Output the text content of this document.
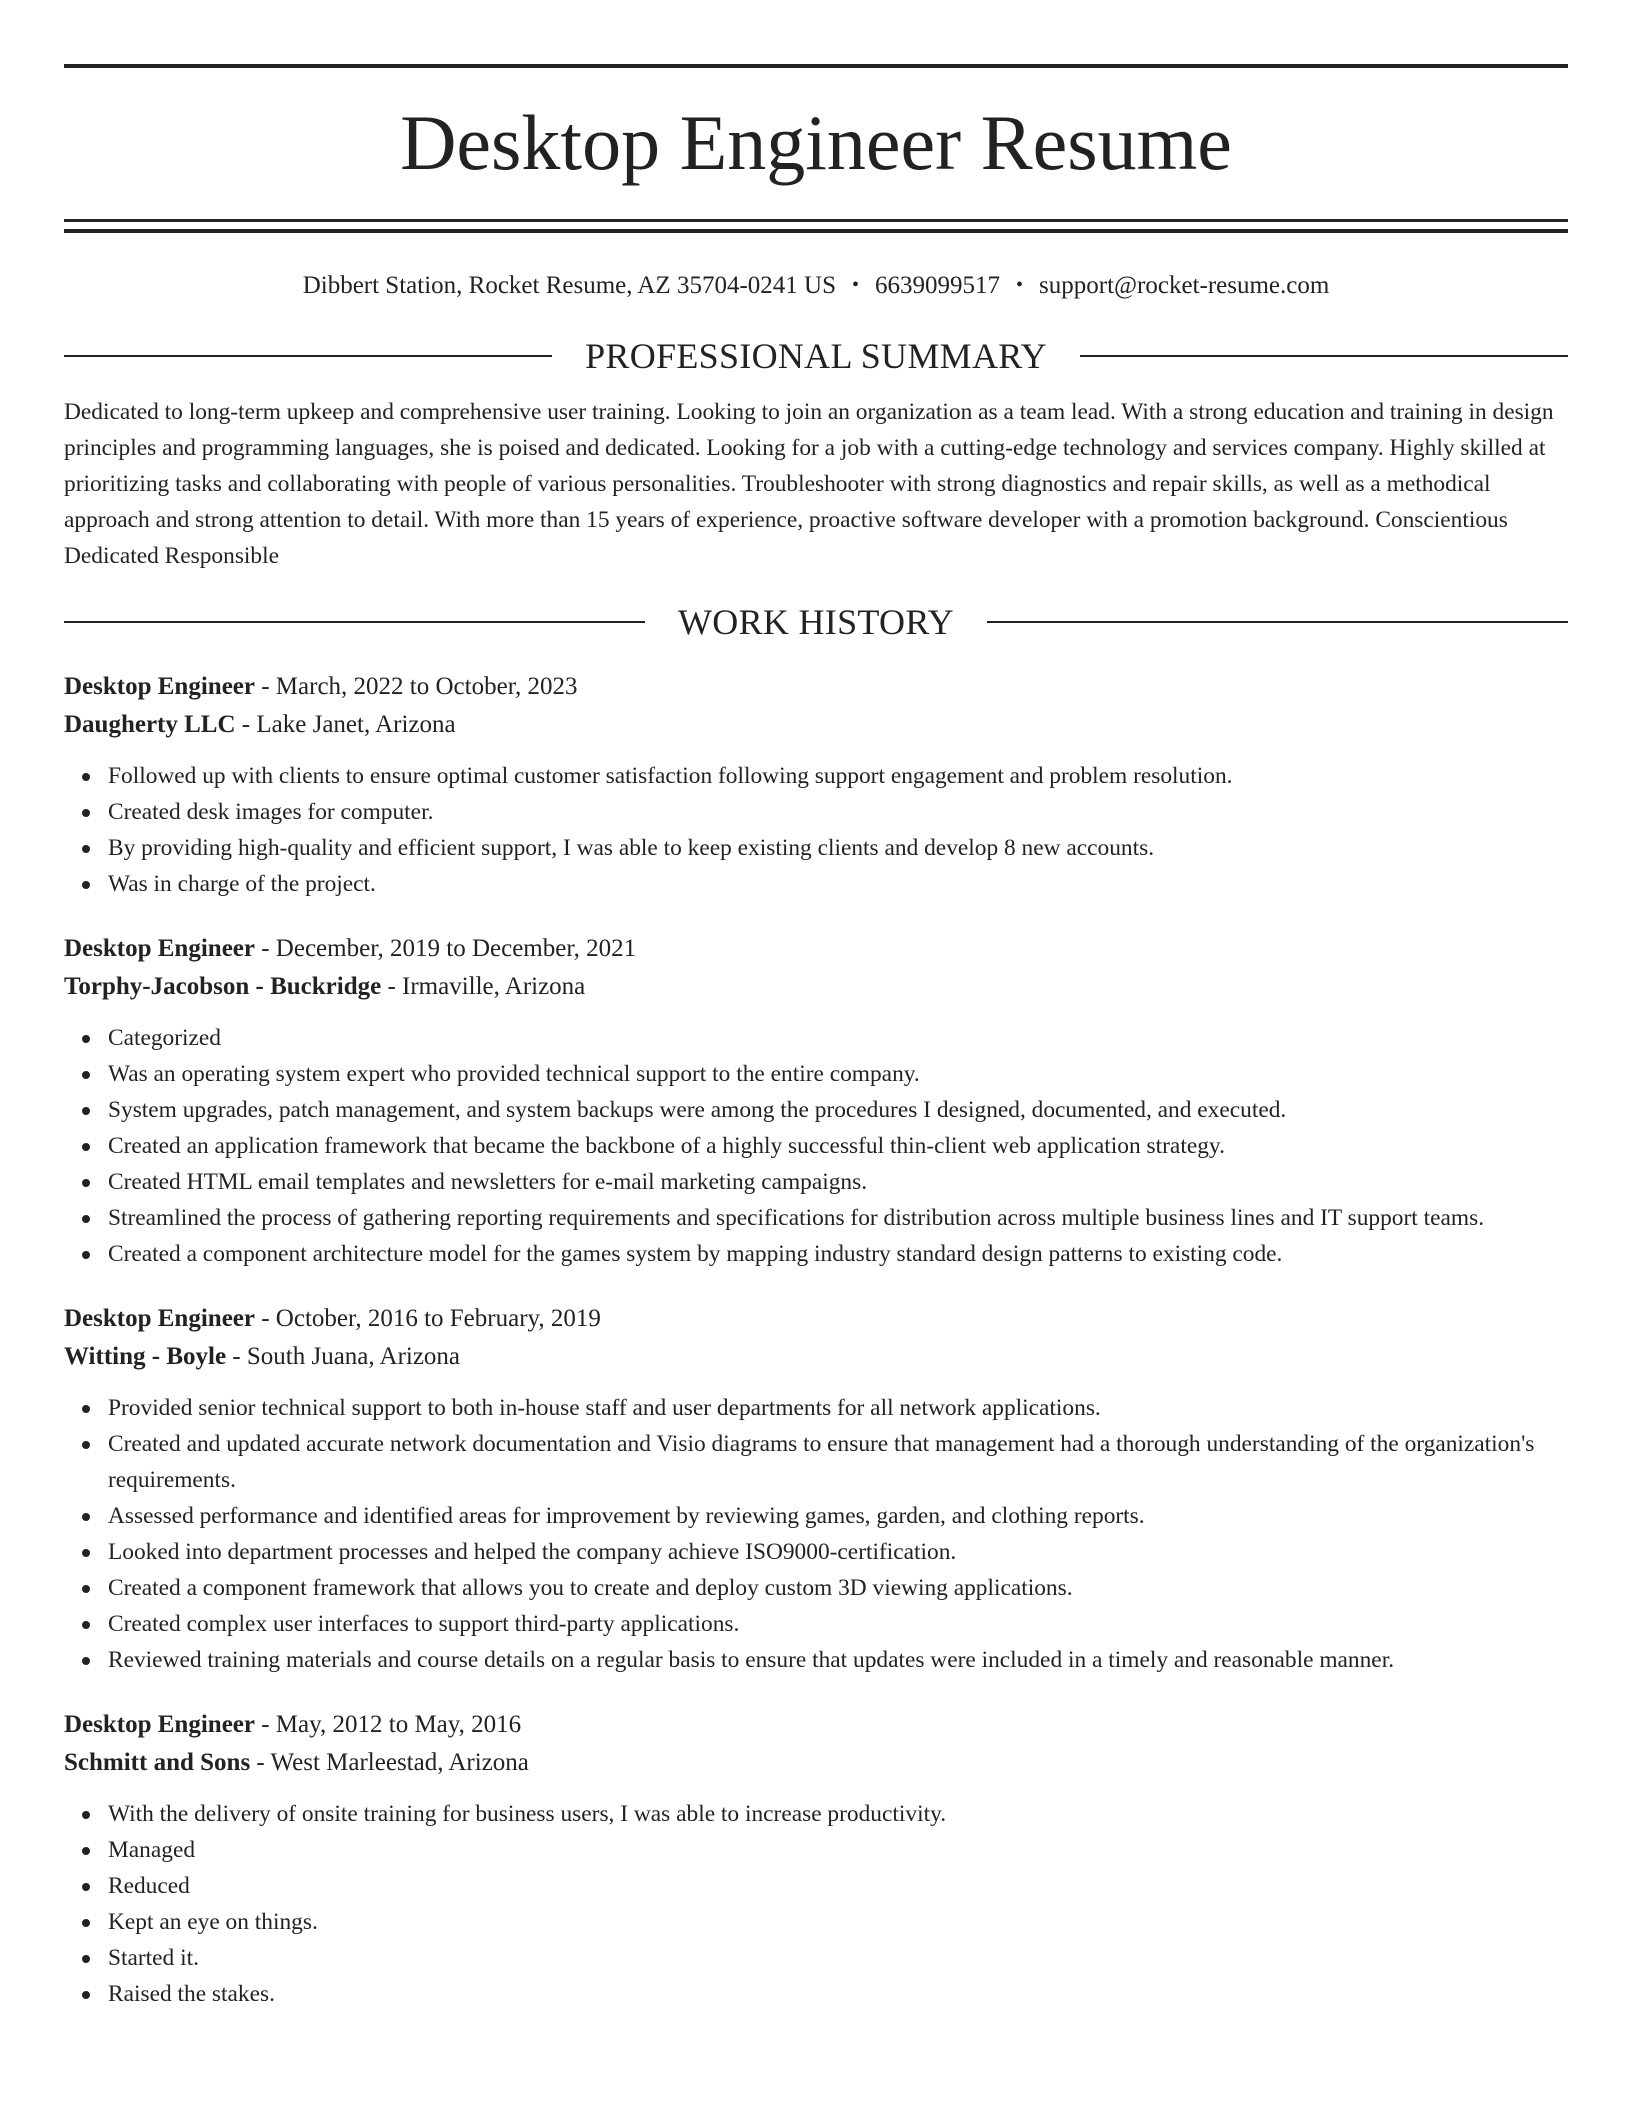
Desktop Engineer Resume
Dibbert Station, Rocket Resume, AZ 35704-0241 US • 6639099517 • support@rocket-resume.com
PROFESSIONAL SUMMARY
Dedicated to long-term upkeep and comprehensive user training. Looking to join an organization as a team lead. With a strong education and training in design principles and programming languages, she is poised and dedicated. Looking for a job with a cutting-edge technology and services company. Highly skilled at prioritizing tasks and collaborating with people of various personalities. Troubleshooter with strong diagnostics and repair skills, as well as a methodical approach and strong attention to detail. With more than 15 years of experience, proactive software developer with a promotion background. Conscientious Dedicated Responsible
WORK HISTORY
Desktop Engineer - March, 2022 to October, 2023
Daugherty LLC - Lake Janet, Arizona
Followed up with clients to ensure optimal customer satisfaction following support engagement and problem resolution.
Created desk images for computer.
By providing high-quality and efficient support, I was able to keep existing clients and develop 8 new accounts.
Was in charge of the project.
Desktop Engineer - December, 2019 to December, 2021
Torphy-Jacobson - Buckridge - Irmaville, Arizona
Categorized
Was an operating system expert who provided technical support to the entire company.
System upgrades, patch management, and system backups were among the procedures I designed, documented, and executed.
Created an application framework that became the backbone of a highly successful thin-client web application strategy.
Created HTML email templates and newsletters for e-mail marketing campaigns.
Streamlined the process of gathering reporting requirements and specifications for distribution across multiple business lines and IT support teams.
Created a component architecture model for the games system by mapping industry standard design patterns to existing code.
Desktop Engineer - October, 2016 to February, 2019
Witting - Boyle - South Juana, Arizona
Provided senior technical support to both in-house staff and user departments for all network applications.
Created and updated accurate network documentation and Visio diagrams to ensure that management had a thorough understanding of the organization's requirements.
Assessed performance and identified areas for improvement by reviewing games, garden, and clothing reports.
Looked into department processes and helped the company achieve ISO9000-certification.
Created a component framework that allows you to create and deploy custom 3D viewing applications.
Created complex user interfaces to support third-party applications.
Reviewed training materials and course details on a regular basis to ensure that updates were included in a timely and reasonable manner.
Desktop Engineer - May, 2012 to May, 2016
Schmitt and Sons - West Marleestad, Arizona
With the delivery of onsite training for business users, I was able to increase productivity.
Managed
Reduced
Kept an eye on things.
Started it.
Raised the stakes.
